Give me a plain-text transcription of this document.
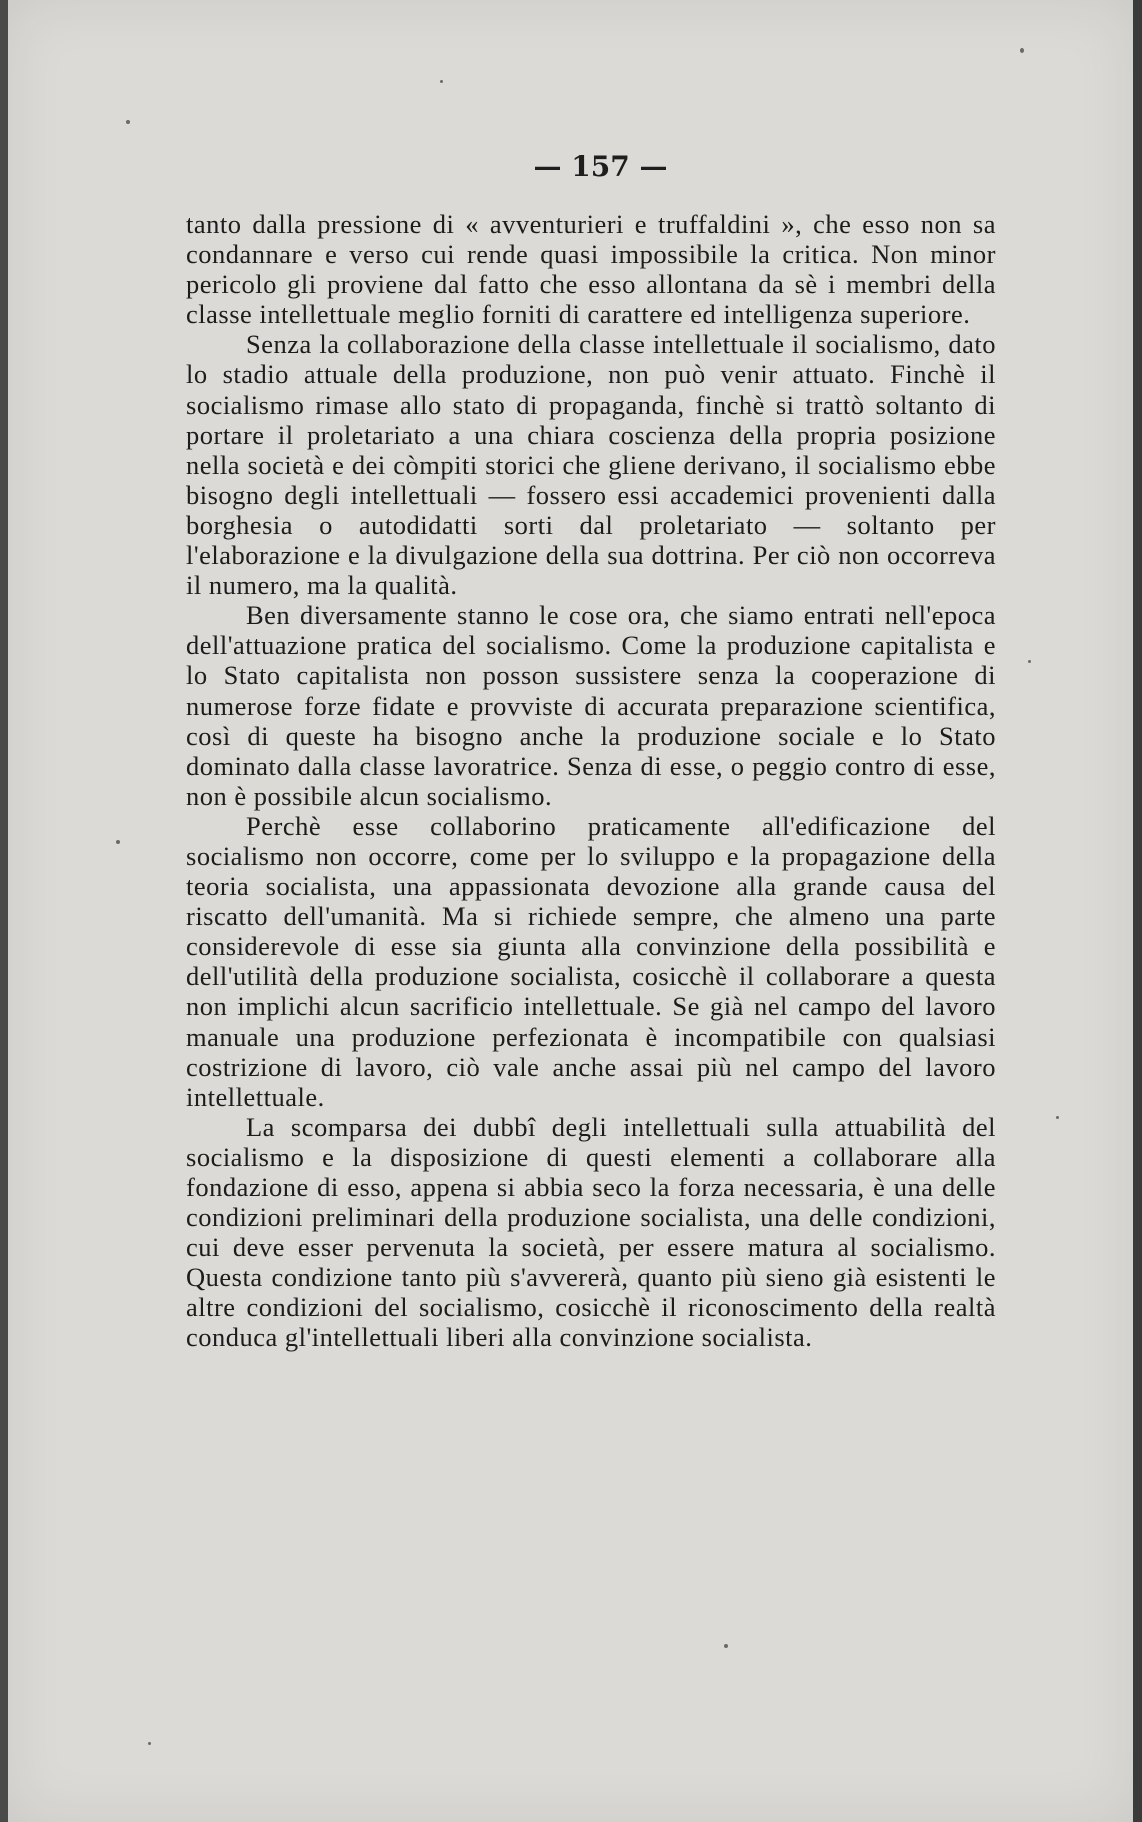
— 157 —

tanto dalla pressione di « avventurieri e truffaldini », che esso non sa condannare e verso cui rende quasi impossibile la critica. Non minor pericolo gli proviene dal fatto che esso allontana da sè i membri della classe intellettuale meglio forniti di carattere ed intelligenza superiore.

Senza la collaborazione della classe intellettuale il socialismo, dato lo stadio attuale della produzione, non può venir attuato. Finchè il socialismo rimase allo stato di propaganda, finchè si trattò soltanto di portare il proletariato a una chiara coscienza della propria posizione nella società e dei còmpiti storici che gliene derivano, il socialismo ebbe bisogno degli intellettuali — fossero essi accademici provenienti dalla borghesia o autodidatti sorti dal proletariato — soltanto per l'elaborazione e la divulgazione della sua dottrina. Per ciò non occorreva il numero, ma la qualità.

Ben diversamente stanno le cose ora, che siamo entrati nell'epoca dell'attuazione pratica del socialismo. Come la produzione capitalista e lo Stato capitalista non posson sussistere senza la cooperazione di numerose forze fidate e provviste di accurata preparazione scientifica, così di queste ha bisogno anche la produzione sociale e lo Stato dominato dalla classe lavoratrice. Senza di esse, o peggio contro di esse, non è possibile alcun socialismo.

Perchè esse collaborino praticamente all'edificazione del socialismo non occorre, come per lo sviluppo e la propagazione della teoria socialista, una appassionata devozione alla grande causa del riscatto dell'umanità. Ma si richiede sempre, che almeno una parte considerevole di esse sia giunta alla convinzione della possibilità e dell'utilità della produzione socialista, cosicchè il collaborare a questa non implichi alcun sacrificio intellettuale. Se già nel campo del lavoro manuale una produzione perfezionata è incompatibile con qualsiasi costrizione di lavoro, ciò vale anche assai più nel campo del lavoro intellettuale.

La scomparsa dei dubbî degli intellettuali sulla attuabilità del socialismo e la disposizione di questi elementi a collaborare alla fondazione di esso, appena si abbia seco la forza necessaria, è una delle condizioni preliminari della produzione socialista, una delle condizioni, cui deve esser pervenuta la società, per essere matura al socialismo. Questa condizione tanto più s'avvererà, quanto più sieno già esistenti le altre condizioni del socialismo, cosicchè il riconoscimento della realtà conduca gl'intellettuali liberi alla convinzione socialista.
